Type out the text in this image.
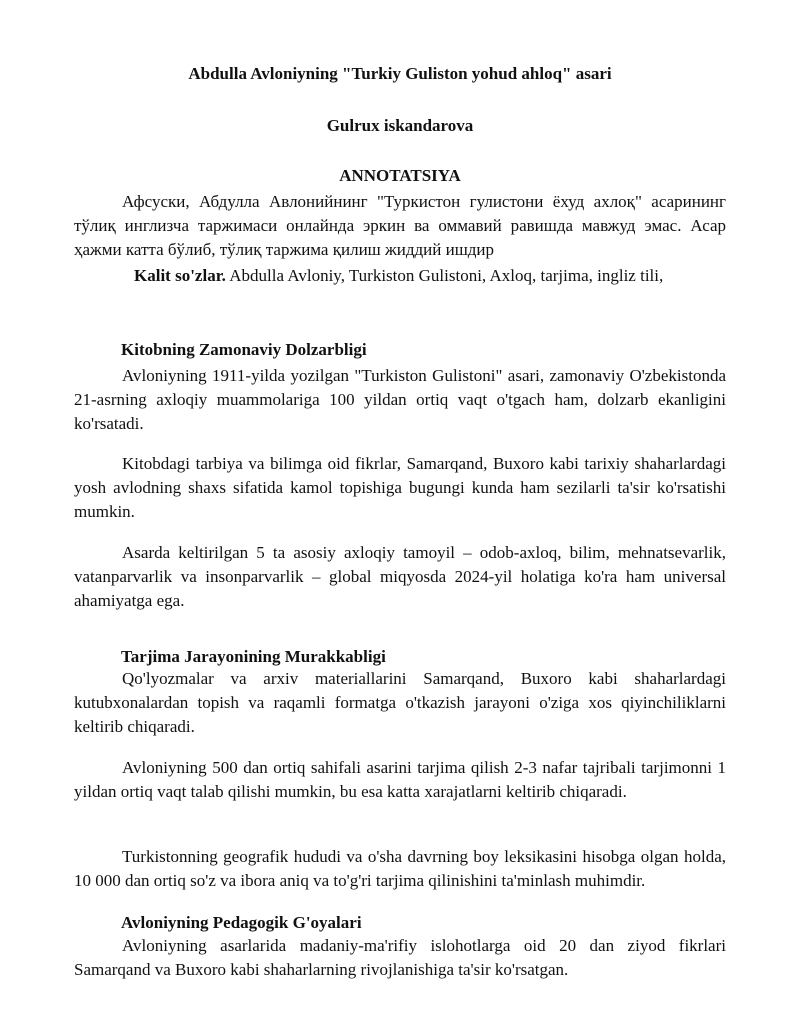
Abdulla Avloniyning "Turkiy Guliston yohud ahloq" asari
Gulrux iskandarova
ANNOTATSIYA

Афсуски, Абдулла Авлонийнинг "Туркистон гулистони ёхуд ахлоқ" асарининг тўлиқ инглизча таржимаси онлайнда эркин ва оммавий равишда мавжуд эмас. Асар ҳажми катта бўлиб, тўлиқ таржима қилиш жиддий ишдир

Kalit so'zlar. Abdulla Avloniy, Turkiston Gulistoni, Axloq, tarjima, ingliz tili,

Kitobning Zamonaviy Dolzarbligi

Avloniyning 1911-yilda yozilgan "Turkiston Gulistoni" asari, zamonaviy O'zbekistonda 21-asrning axloqiy muammolariga 100 yildan ortiq vaqt o'tgach ham, dolzarb ekanligini ko'rsatadi.

Kitobdagi tarbiya va bilimga oid fikrlar, Samarqand, Buxoro kabi tarixiy shaharlardagi yosh avlodning shaxs sifatida kamol topishiga bugungi kunda ham sezilarli ta'sir ko'rsatishi mumkin.

Asarda keltirilgan 5 ta asosiy axloqiy tamoyil – odob-axloq, bilim, mehnatsevarlik, vatanparvarlik va insonparvarlik – global miqyosda 2024-yil holatiga ko'ra ham universal ahamiyatga ega.

Tarjima Jarayonining Murakkabligi

Qo'lyozmalar va arxiv materiallarini Samarqand, Buxoro kabi shaharlardagi kutubxonalardan topish va raqamli formatga o'tkazish jarayoni o'ziga xos qiyinchiliklarni keltirib chiqaradi.

Avloniyning 500 dan ortiq sahifali asarini tarjima qilish 2-3 nafar tajribali tarjimonni 1 yildan ortiq vaqt talab qilishi mumkin, bu esa katta xarajatlarni keltirib chiqaradi.

Turkistonning geografik hududi va o'sha davrning boy leksikasini hisobga olgan holda, 10 000 dan ortiq so'z va ibora aniq va to'g'ri tarjima qilinishini ta'minlash muhimdir.

Avloniyning Pedagogik G'oyalari

Avloniyning asarlarida madaniy-ma'rifiy islohotlarga oid 20 dan ziyod fikrlari Samarqand va Buxoro kabi shaharlarning rivojlanishiga ta'sir ko'rsatgan.
